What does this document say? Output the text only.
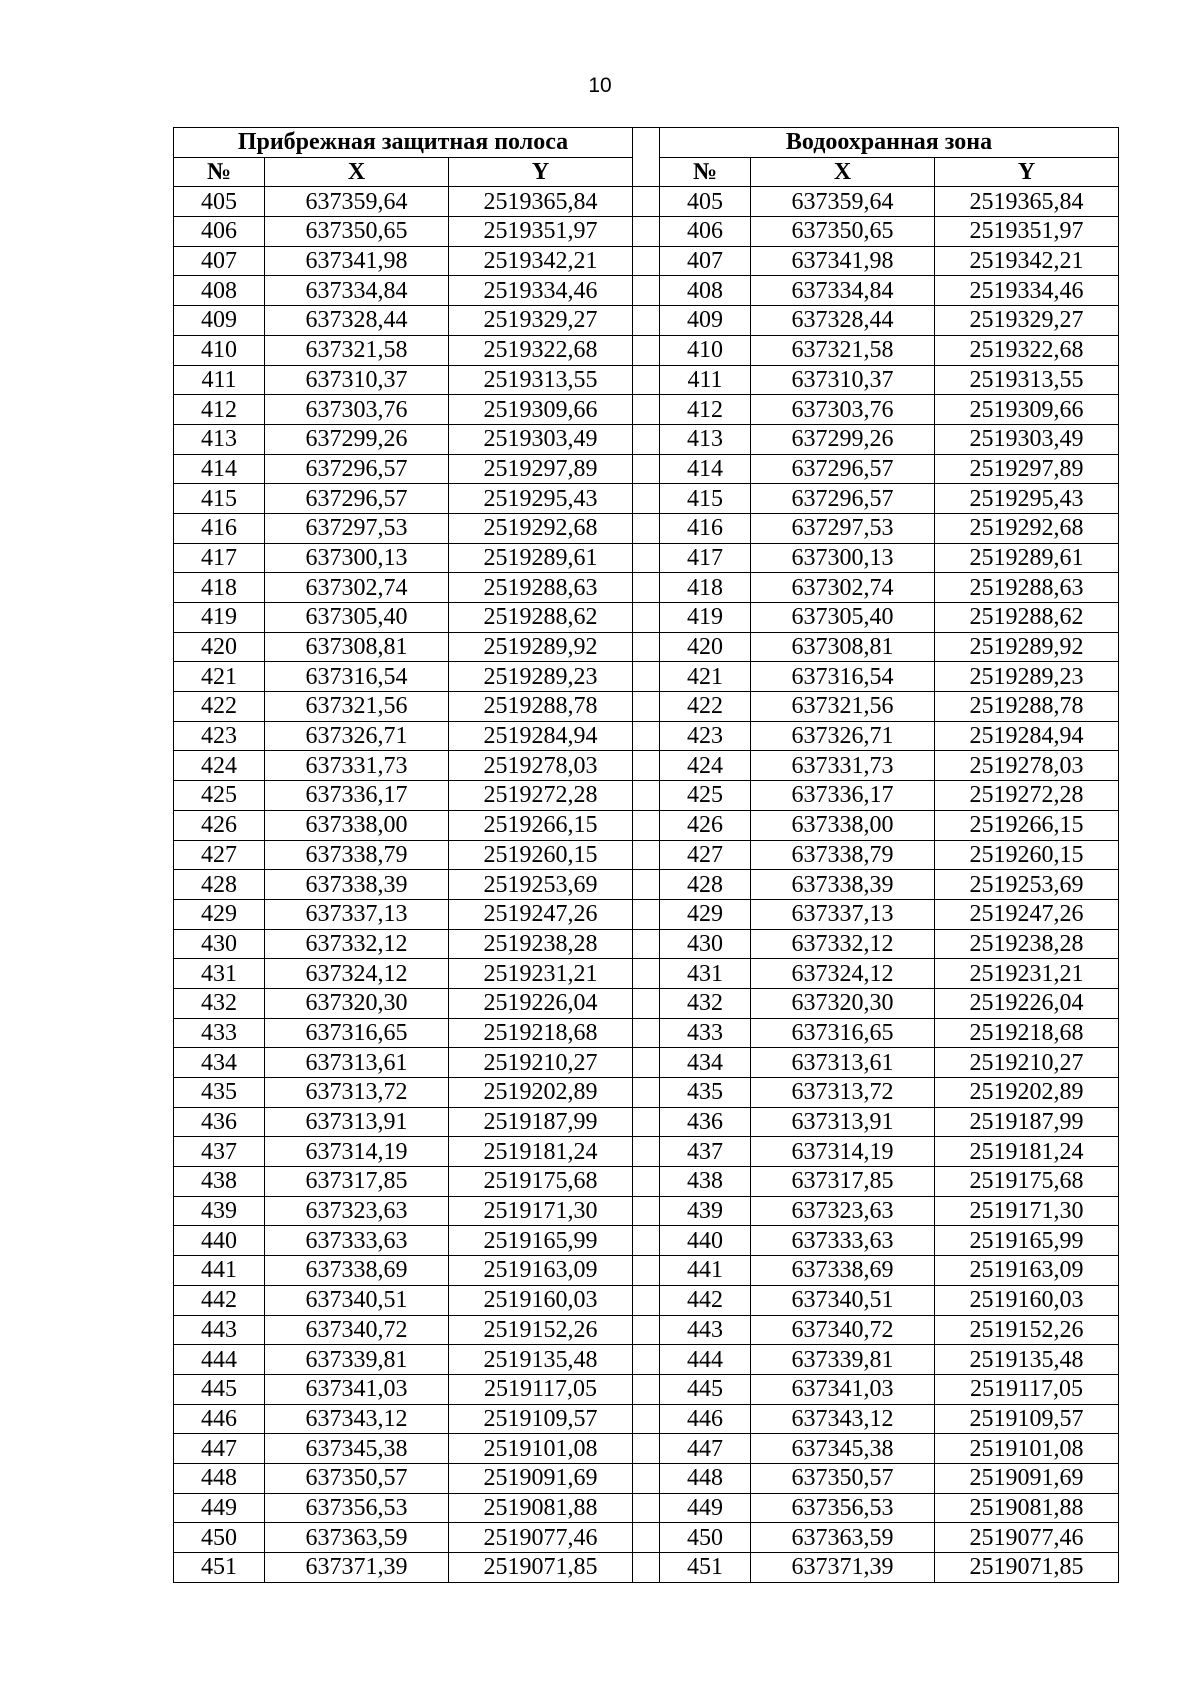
10
Прибрежная защитная полоса				Водоохранная зона		
№	X	Y		№	X	Y
405	637359,64	2519365,84		405	637359,64	2519365,84
406	637350,65	2519351,97		406	637350,65	2519351,97
407	637341,98	2519342,21		407	637341,98	2519342,21
408	637334,84	2519334,46		408	637334,84	2519334,46
409	637328,44	2519329,27		409	637328,44	2519329,27
410	637321,58	2519322,68		410	637321,58	2519322,68
411	637310,37	2519313,55		411	637310,37	2519313,55
412	637303,76	2519309,66		412	637303,76	2519309,66
413	637299,26	2519303,49		413	637299,26	2519303,49
414	637296,57	2519297,89		414	637296,57	2519297,89
415	637296,57	2519295,43		415	637296,57	2519295,43
416	637297,53	2519292,68		416	637297,53	2519292,68
417	637300,13	2519289,61		417	637300,13	2519289,61
418	637302,74	2519288,63		418	637302,74	2519288,63
419	637305,40	2519288,62		419	637305,40	2519288,62
420	637308,81	2519289,92		420	637308,81	2519289,92
421	637316,54	2519289,23		421	637316,54	2519289,23
422	637321,56	2519288,78		422	637321,56	2519288,78
423	637326,71	2519284,94		423	637326,71	2519284,94
424	637331,73	2519278,03		424	637331,73	2519278,03
425	637336,17	2519272,28		425	637336,17	2519272,28
426	637338,00	2519266,15		426	637338,00	2519266,15
427	637338,79	2519260,15		427	637338,79	2519260,15
428	637338,39	2519253,69		428	637338,39	2519253,69
429	637337,13	2519247,26		429	637337,13	2519247,26
430	637332,12	2519238,28		430	637332,12	2519238,28
431	637324,12	2519231,21		431	637324,12	2519231,21
432	637320,30	2519226,04		432	637320,30	2519226,04
433	637316,65	2519218,68		433	637316,65	2519218,68
434	637313,61	2519210,27		434	637313,61	2519210,27
435	637313,72	2519202,89		435	637313,72	2519202,89
436	637313,91	2519187,99		436	637313,91	2519187,99
437	637314,19	2519181,24		437	637314,19	2519181,24
438	637317,85	2519175,68		438	637317,85	2519175,68
439	637323,63	2519171,30		439	637323,63	2519171,30
440	637333,63	2519165,99		440	637333,63	2519165,99
441	637338,69	2519163,09		441	637338,69	2519163,09
442	637340,51	2519160,03		442	637340,51	2519160,03
443	637340,72	2519152,26		443	637340,72	2519152,26
444	637339,81	2519135,48		444	637339,81	2519135,48
445	637341,03	2519117,05		445	637341,03	2519117,05
446	637343,12	2519109,57		446	637343,12	2519109,57
447	637345,38	2519101,08		447	637345,38	2519101,08
448	637350,57	2519091,69		448	637350,57	2519091,69
449	637356,53	2519081,88		449	637356,53	2519081,88
450	637363,59	2519077,46		450	637363,59	2519077,46
451	637371,39	2519071,85		451	637371,39	2519071,85
